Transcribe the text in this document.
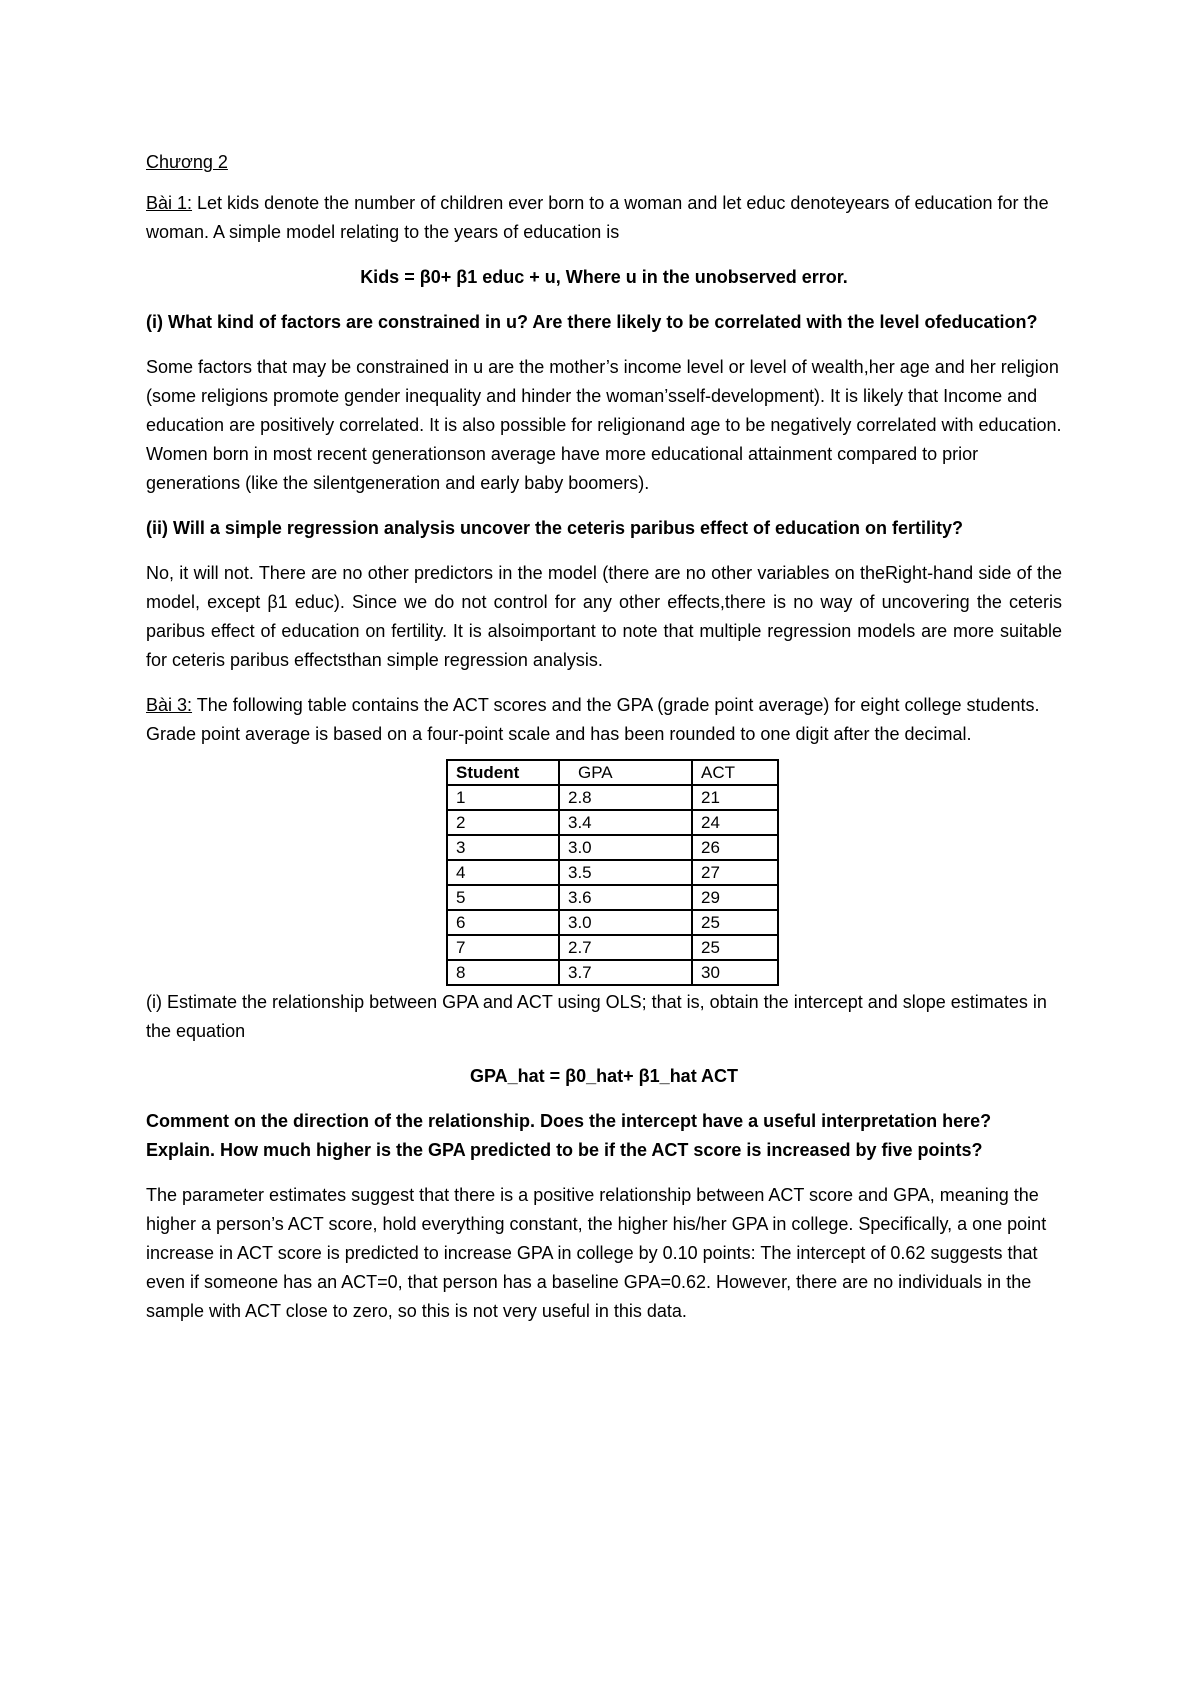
Chương 2

Bài 1: Let kids denote the number of children ever born to a woman and let educ denoteyears of education for the woman. A simple model relating to the years of education is

Kids = β0+ β1 educ + u, Where u in the unobserved error.

(i) What kind of factors are constrained in u? Are there likely to be correlated with the level ofeducation?

Some factors that may be constrained in u are the mother’s income level or level of wealth,her age and her religion (some religions promote gender inequality and hinder the woman’sself-development). It is likely that Income and education are positively correlated. It is also possible for religionand age to be negatively correlated with education. Women born in most recent generationson average have more educational attainment compared to prior generations (like the silentgeneration and early baby boomers).

(ii) Will a simple regression analysis uncover the ceteris paribus effect of education on fertility?

No, it will not. There are no other predictors in the model (there are no other variables on theRight-hand side of the model, except β1 educ). Since we do not control for any other effects,there is no way of uncovering the ceteris paribus effect of education on fertility. It is alsoimportant to note that multiple regression models are more suitable for ceteris paribus effectsthan simple regression analysis.

Bài 3: The following table contains the ACT scores and the GPA (grade point average) for eight college students. Grade point average is based on a four-point scale and has been rounded to one digit after the decimal.

Student	GPA	ACT
1	2.8	21
2	3.4	24
3	3.0	26
4	3.5	27
5	3.6	29
6	3.0	25
7	2.7	25
8	3.7	30

(i) Estimate the relationship between GPA and ACT using OLS; that is, obtain the intercept and slope estimates in the equation

GPA_hat = β0_hat+ β1_hat ACT

Comment on the direction of the relationship. Does the intercept have a useful interpretation here? Explain. How much higher is the GPA predicted to be if the ACT score is increased by five points?

The parameter estimates suggest that there is a positive relationship between ACT score and GPA, meaning the higher a person’s ACT score, hold everything constant, the higher his/her GPA in college. Specifically, a one point increase in ACT score is predicted to increase GPA in college by 0.10 points: The intercept of 0.62 suggests that even if someone has an ACT=0, that person has a baseline GPA=0.62. However, there are no individuals in the sample with ACT close to zero, so this is not very useful in this data.
